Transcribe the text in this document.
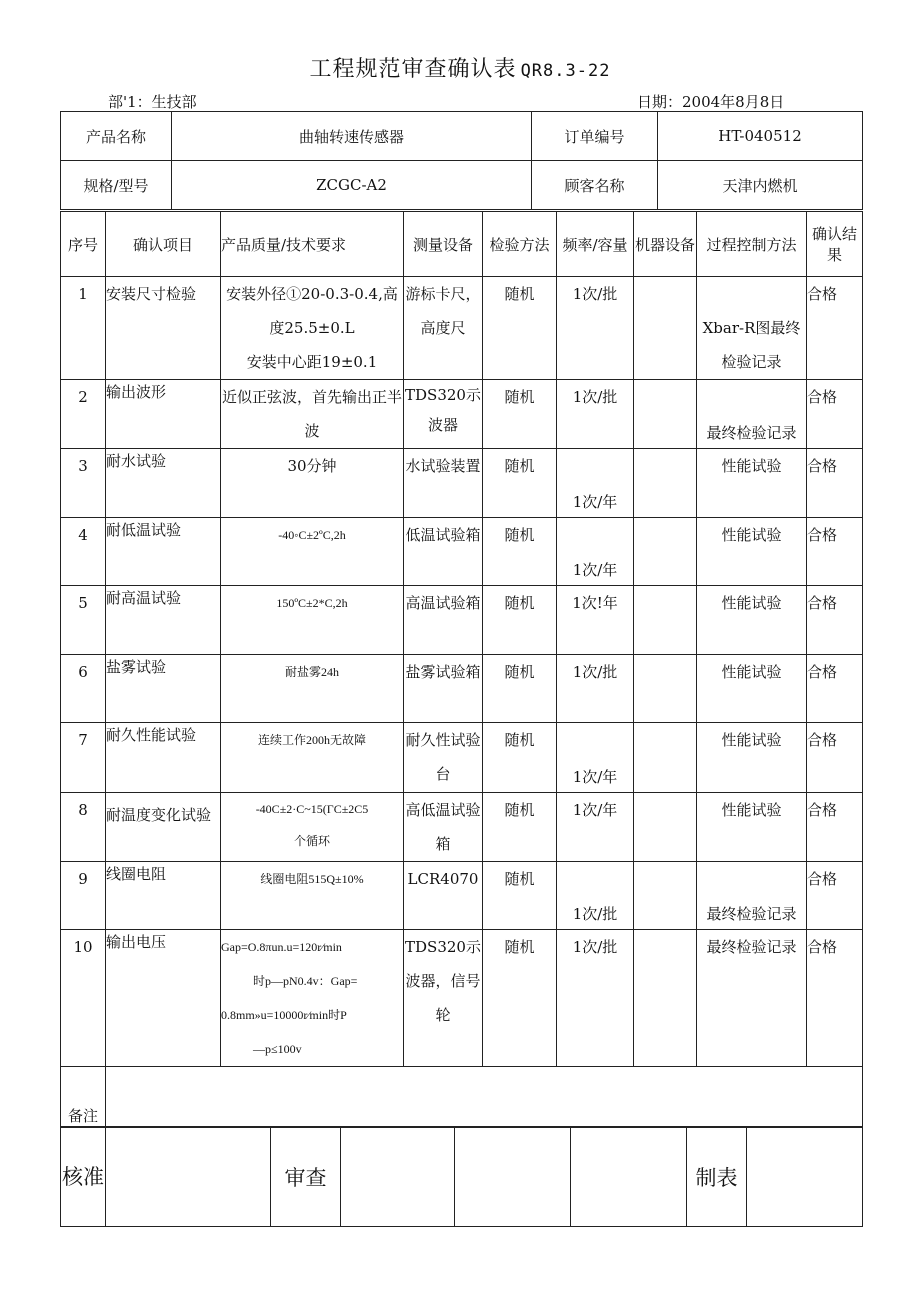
工程规范审查确认表 QR8.3-22
部'1：生技部	日期：2004年8月8日
产品名称	曲轴转速传感器	订单编号	HT-040512
规格/型号	ZCGC-A2	顾客名称	天津内燃机
序号	确认项目	产品质量/技术要求	测量设备	检验方法	频率/容量	机器设备	过程控制方法	确认结果
1	安装尺寸检验	安装外径①20-0.3-0.4,高度25.5±0.L
安装中心距19±0.1	游标卡尺，高度尺	随机	1次/批		Xbar-R图最终检验记录	合格
2	输出波形	近似正弦波，首先输出正半波	TDS320示波器	随机	1次/批		最终检验记录	合格
3	耐水试验	30分钟	水试验装置	随机	1次/年		性能试验	合格
4	耐低温试验	-40◦C±2ºC,2h	低温试验箱	随机	1次/年		性能试验	合格
5	耐高温试验	150ºC±2*C,2h	高温试验箱	随机	1次!年		性能试验	合格
6	盐雾试验	耐盐雾24h	盐雾试验箱	随机	1次/批		性能试验	合格
7	耐久性能试验	连续工作200h无故障	耐久性试验台	随机	1次/年		性能试验	合格
8	耐温度变化试验	-40C±2·C~15(ΓC±2C5
个循环	高低温试验箱	随机	1次/年		性能试验	合格
9	线圈电阻	线圈电阻515Q±10%	LCR4070	随机	1次/批		最终检验记录	合格
10	输出电压	Gap=O.8πun.u=120r⁄min
时p—pN0.4v：Gap=
0.8mm»u=10000r⁄min时P
—p≤100v	TDS320示波器，信号轮	随机	1次/批		最终检验记录	合格
备注								
核准		审查				制表	
